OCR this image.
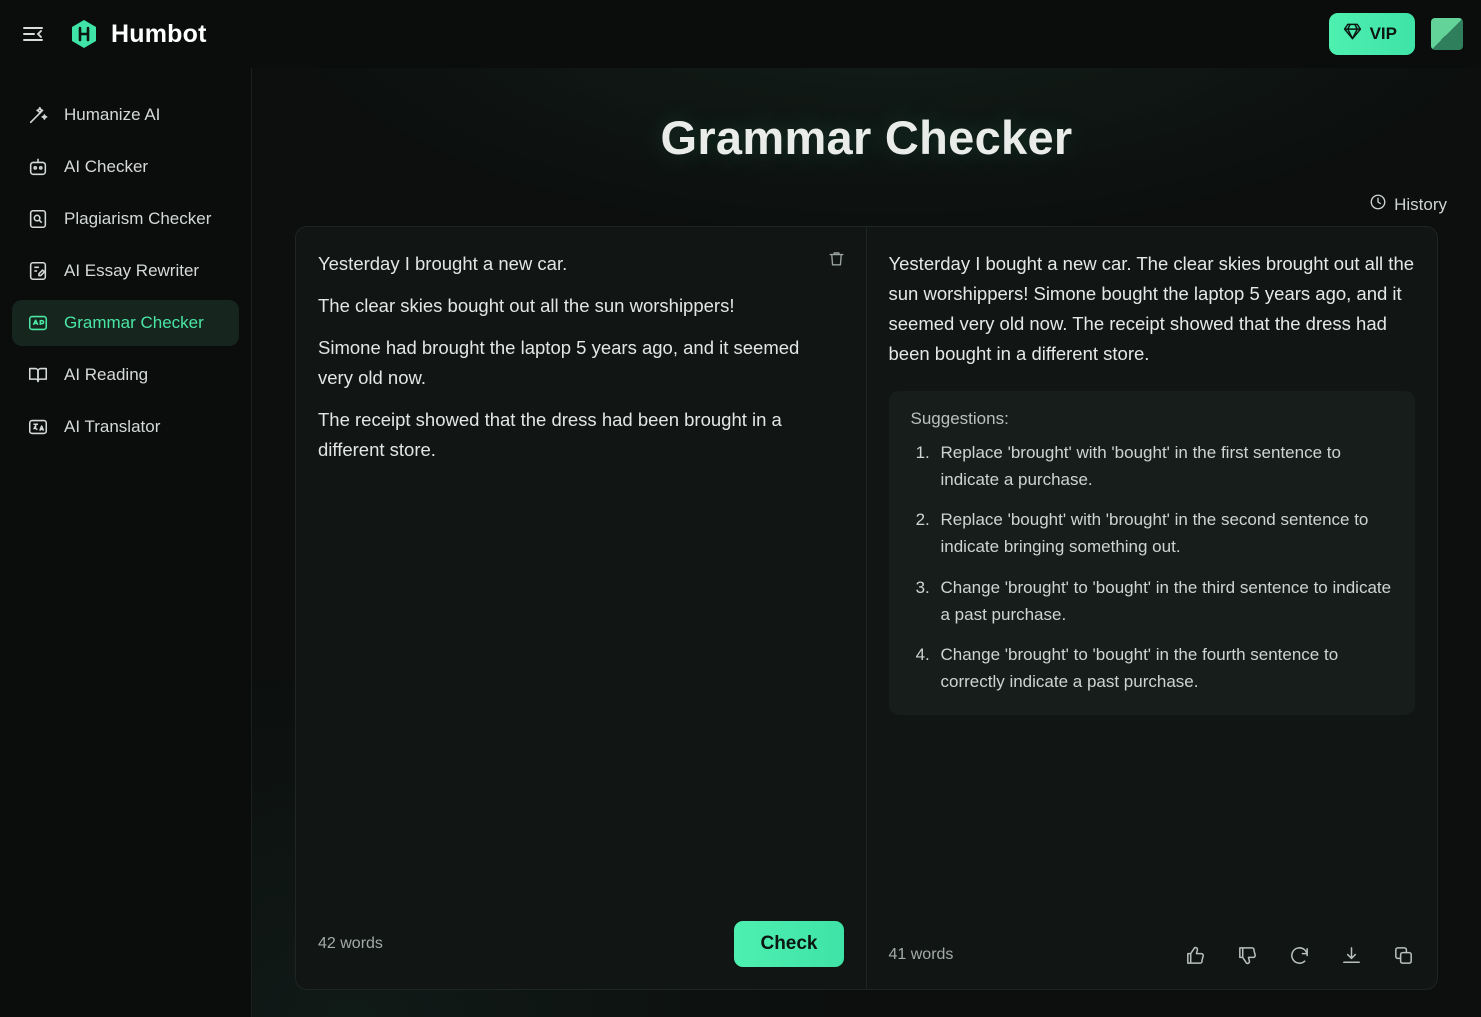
Humbot	VIP
Humanize AI
AI Checker
Plagiarism Checker
AI Essay Rewriter
Grammar Checker
AI Reading
AI Translator
Grammar Checker
History

Yesterday I brought a new car.

The clear skies bought out all the sun worshippers!

Simone had brought the laptop 5 years ago, and it seemed very old now.

The receipt showed that the dress had been brought in a different store.

42 words	Check
Yesterday I bought a new car. The clear skies brought out all the sun worshippers! Simone bought the laptop 5 years ago, and it seemed very old now. The receipt showed that the dress had been bought in a different store.
Suggestions:
1. Replace 'brought' with 'bought' in the first sentence to indicate a purchase.
2. Replace 'bought' with 'brought' in the second sentence to indicate bringing something out.
3. Change 'brought' to 'bought' in the third sentence to indicate a past purchase.
4. Change 'brought' to 'bought' in the fourth sentence to correctly indicate a past purchase.
41 words
